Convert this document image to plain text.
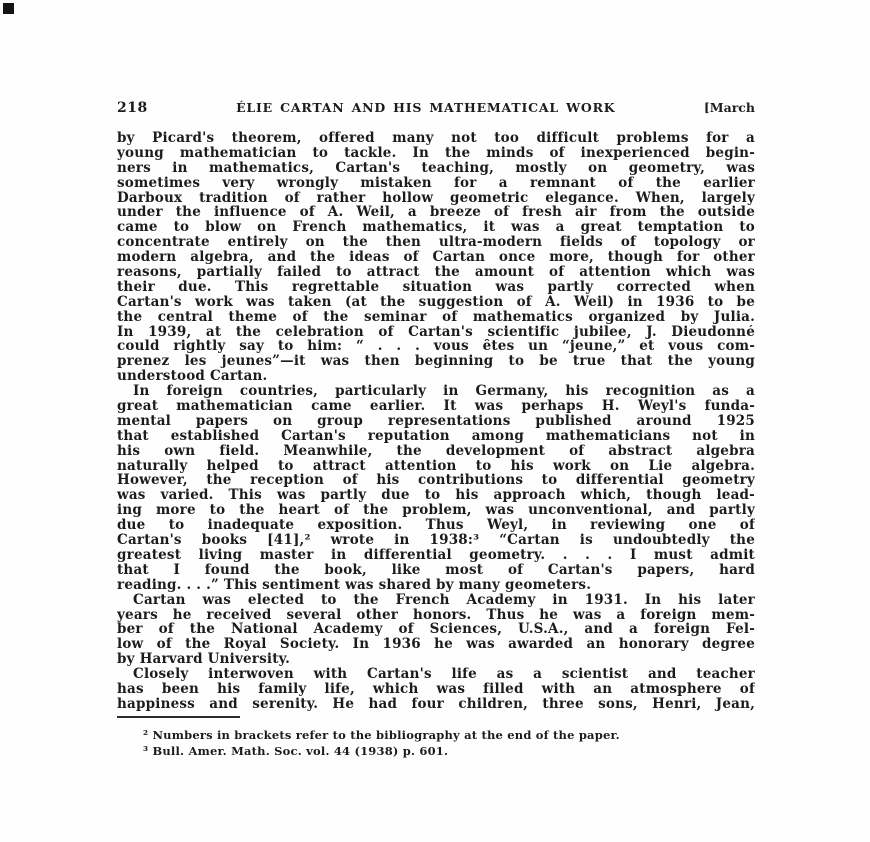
218	ÉLIE CARTAN AND HIS MATHEMATICAL WORK	[March
by Picard's theorem, offered many not too difficult problems for a
young mathematician to tackle. In the minds of inexperienced begin-
ners in mathematics, Cartan's teaching, mostly on geometry, was
sometimes very wrongly mistaken for a remnant of the earlier
Darboux tradition of rather hollow geometric elegance. When, largely
under the influence of A. Weil, a breeze of fresh air from the outside
came to blow on French mathematics, it was a great temptation to
concentrate entirely on the then ultra-modern fields of topology or
modern algebra, and the ideas of Cartan once more, though for other
reasons, partially failed to attract the amount of attention which was
their due. This regrettable situation was partly corrected when
Cartan's work was taken (at the suggestion of A. Weil) in 1936 to be
the central theme of the seminar of mathematics organized by Julia.
In 1939, at the celebration of Cartan's scientific jubilee, J. Dieudonné
could rightly say to him: “ . . . vous êtes un “jeune,” et vous com-
prenez les jeunes”—it was then beginning to be true that the young
understood Cartan.
In foreign countries, particularly in Germany, his recognition as a
great mathematician came earlier. It was perhaps H. Weyl's funda-
mental papers on group representations published around 1925
that established Cartan's reputation among mathematicians not in
his own field. Meanwhile, the development of abstract algebra
naturally helped to attract attention to his work on Lie algebra.
However, the reception of his contributions to differential geometry
was varied. This was partly due to his approach which, though lead-
ing more to the heart of the problem, was unconventional, and partly
due to inadequate exposition. Thus Weyl, in reviewing one of
Cartan's books [41],² wrote in 1938:³ “Cartan is undoubtedly the
greatest living master in differential geometry. . . . I must admit
that I found the book, like most of Cartan's papers, hard
reading. . . .” This sentiment was shared by many geometers.
Cartan was elected to the French Academy in 1931. In his later
years he received several other honors. Thus he was a foreign mem-
ber of the National Academy of Sciences, U.S.A., and a foreign Fel-
low of the Royal Society. In 1936 he was awarded an honorary degree
by Harvard University.
Closely interwoven with Cartan's life as a scientist and teacher
has been his family life, which was filled with an atmosphere of
happiness and serenity. He had four children, three sons, Henri, Jean,
² Numbers in brackets refer to the bibliography at the end of the paper.
³ Bull. Amer. Math. Soc. vol. 44 (1938) p. 601.
